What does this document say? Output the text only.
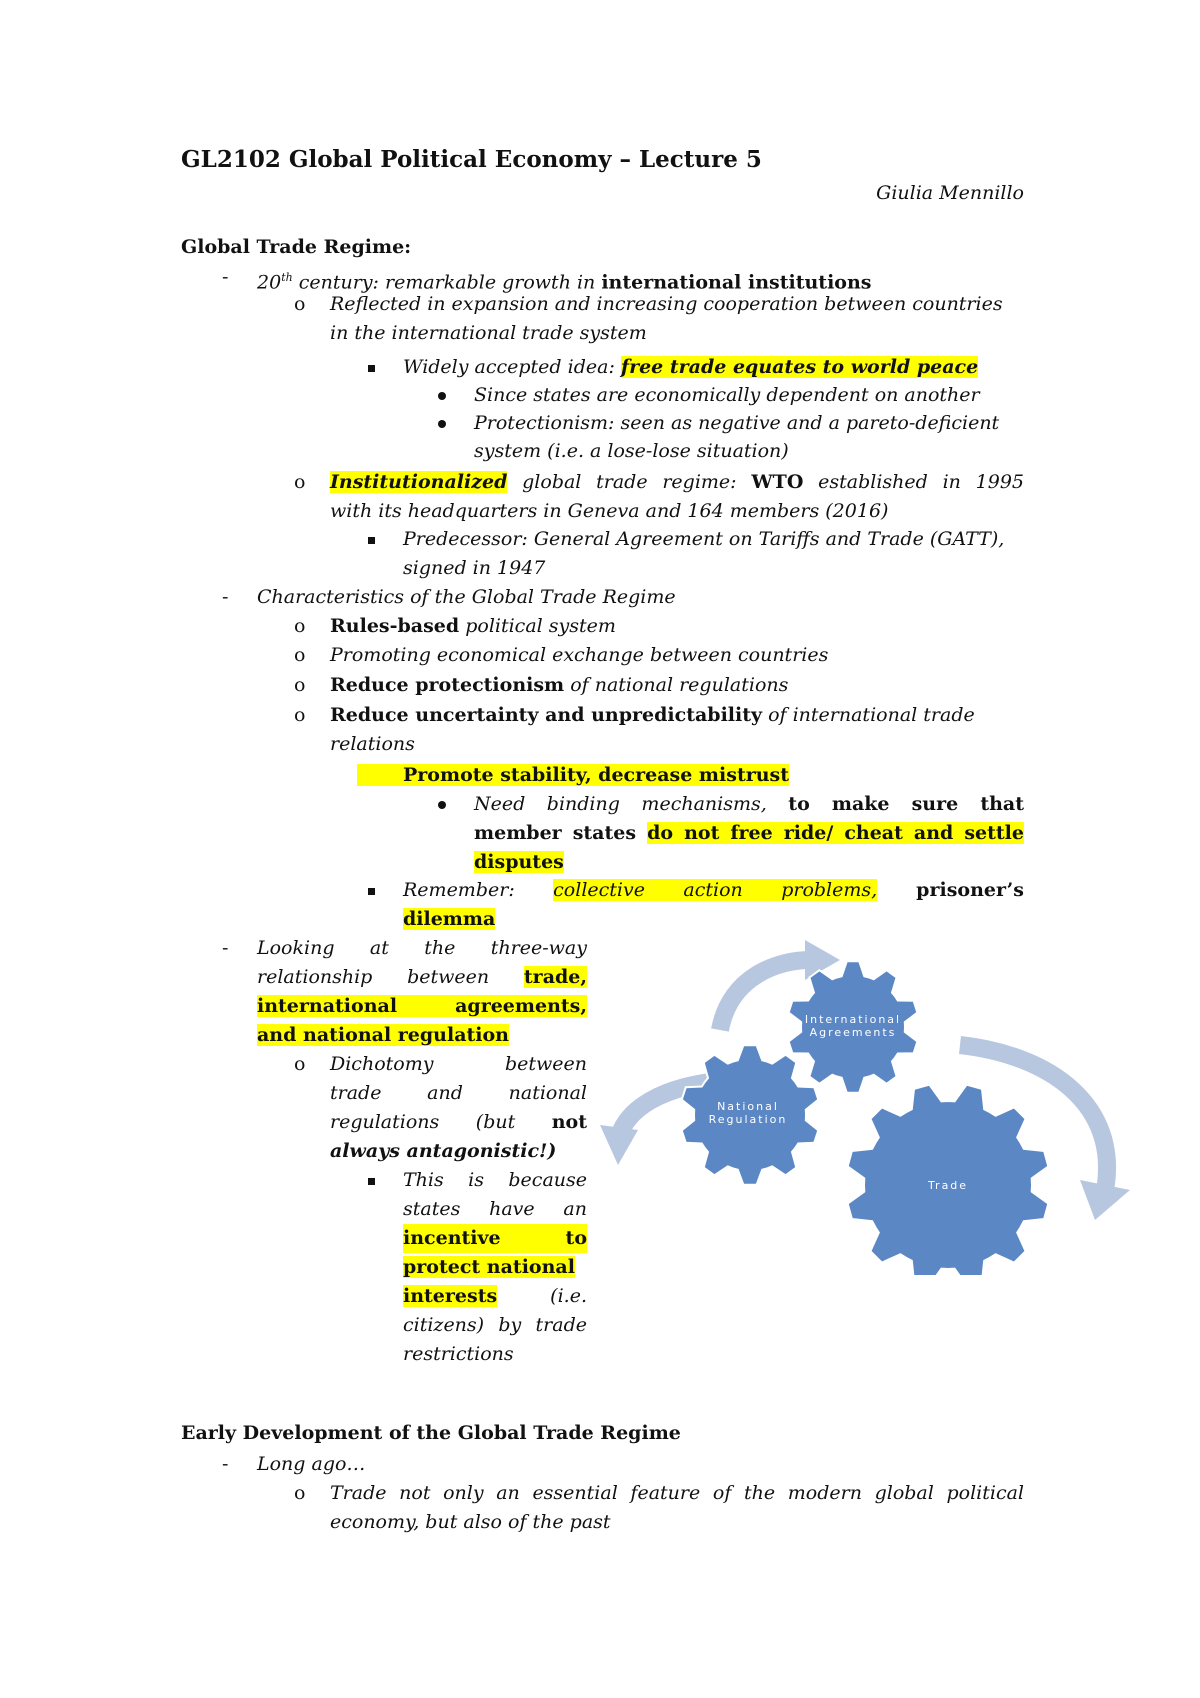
GL2102 Global Political Economy – Lecture 5
Giulia Mennillo
Global Trade Regime:
- 20th century: remarkable growth in international institutions
o Reflected in expansion and increasing cooperation between countries
in the international trade system
Widely accepted idea: free trade equates to world peace
Since states are economically dependent on another
Protectionism: seen as negative and a pareto-deficient
system (i.e. a lose-lose situation)
o Institutionalized global trade regime: WTO established in 1995
with its headquarters in Geneva and 164 members (2016)
Predecessor: General Agreement on Tariffs and Trade (GATT),
signed in 1947
- Characteristics of the Global Trade Regime
o Rules-based political system
o Promoting economical exchange between countries
o Reduce protectionism of national regulations
o Reduce uncertainty and unpredictability of international trade
relations
Promote stability, decrease mistrust
Need binding mechanisms, to make sure that
member states do not free ride/ cheat and settle
disputes
Remember: collective action problems, prisoner’s
dilemma
- Looking at the three-way
relationship between trade,
international agreements,
and national regulation
o Dichotomy between
trade and national
regulations (but not
always antagonistic!)
This is because
states have an
incentive to
protect national
interests (i.e.
citizens) by trade
restrictions
International
Agreements
National
Regulation
Trade
Early Development of the Global Trade Regime
- Long ago…
o Trade not only an essential feature of the modern global political
economy, but also of the past
